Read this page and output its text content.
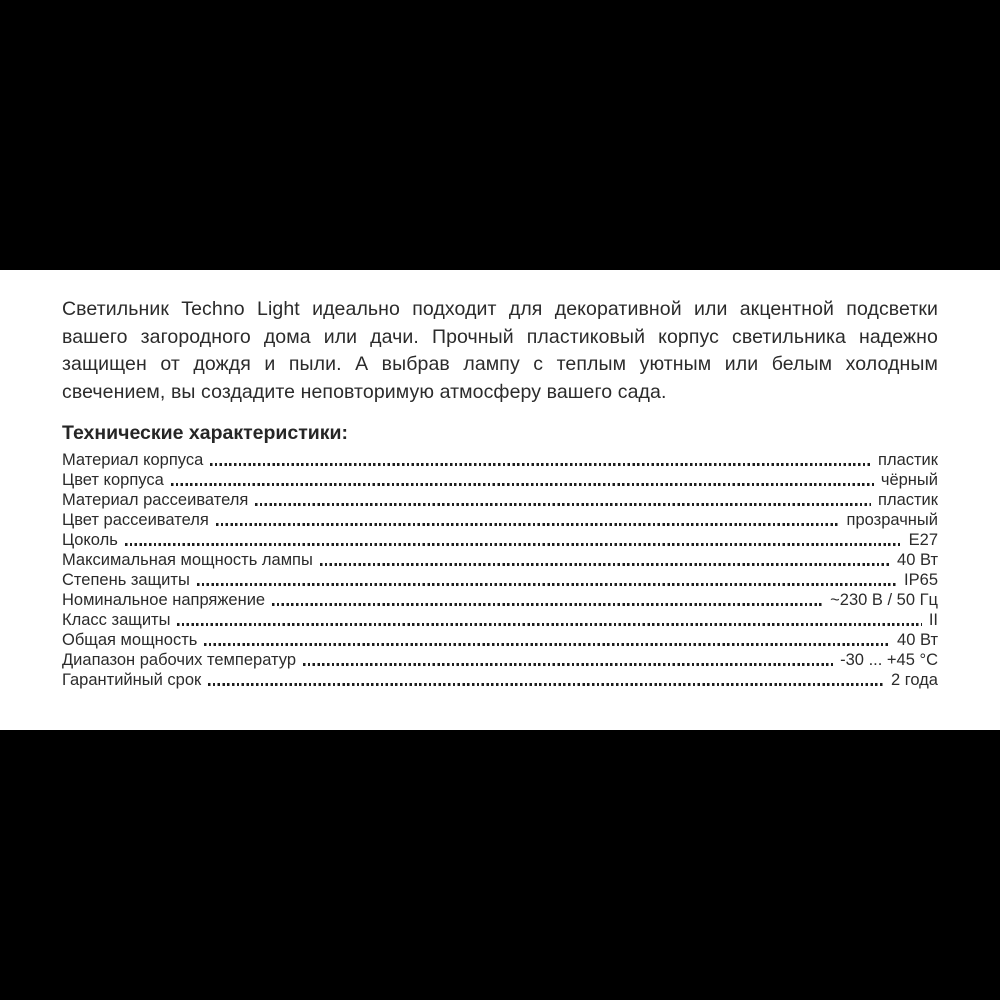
Светильник Techno Light идеально подходит для декоративной или акцентной подсветки вашего загородного дома или дачи. Прочный пластиковый корпус светильника надежно защищен от дождя и пыли. А выбрав лампу с теплым уютным или белым холодным свечением, вы создадите неповторимую атмосферу вашего сада.

Технические характеристики:
Материал корпуса	пластик
Цвет корпуса	чёрный
Материал рассеивателя	пластик
Цвет рассеивателя	прозрачный
Цоколь	E27
Максимальная мощность лампы	40 Вт
Степень защиты	IP65
Номинальное напряжение	~230 В / 50 Гц
Класс защиты	II
Общая мощность	40 Вт
Диапазон рабочих температур	-30 ... +45 °C
Гарантийный срок	2 года
